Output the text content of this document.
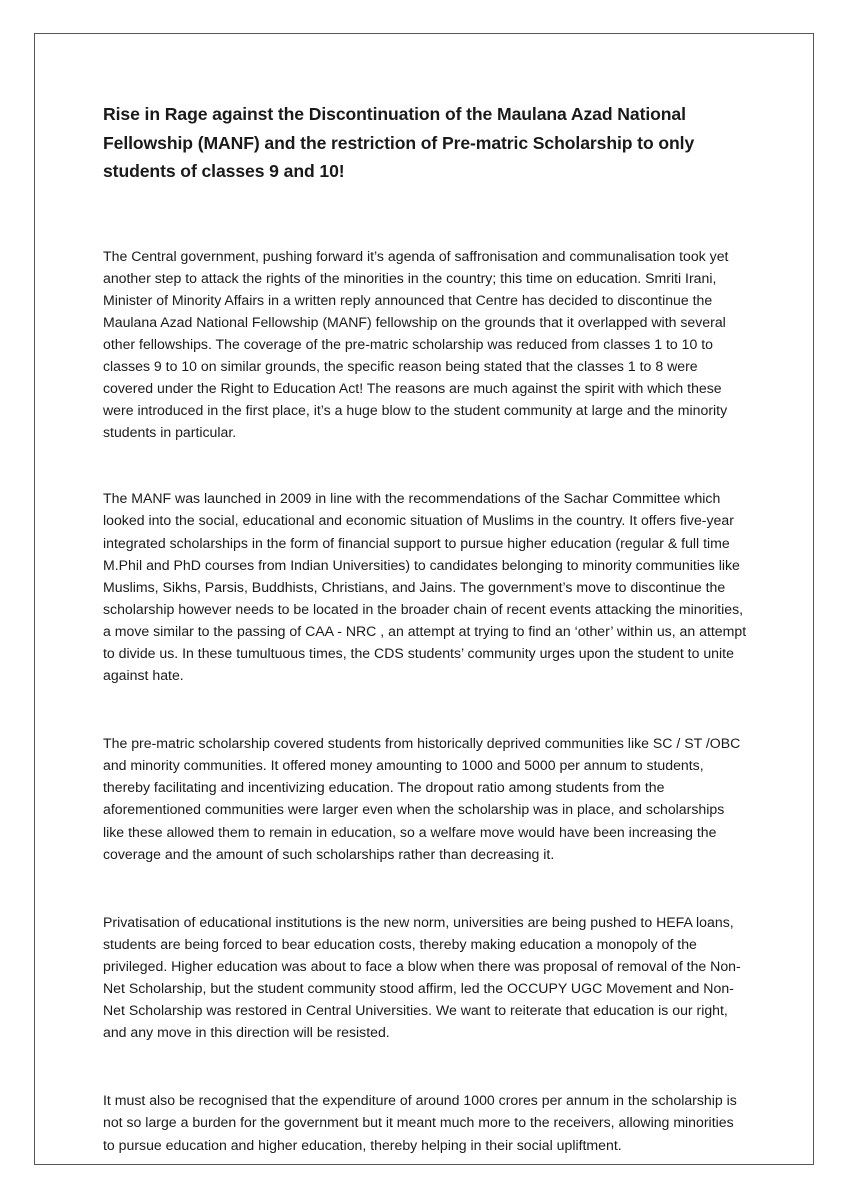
Rise in Rage against the Discontinuation of the Maulana Azad National Fellowship (MANF) and the restriction of Pre-matric Scholarship to only students of classes 9 and 10!

The Central government, pushing forward it’s agenda of saffronisation and communalisation took yet another step to attack the rights of the minorities in the country; this time on education. Smriti Irani, Minister of Minority Affairs in a written reply announced that Centre has decided to discontinue the Maulana Azad National Fellowship (MANF) fellowship on the grounds that it overlapped with several other fellowships. The coverage of the pre-matric scholarship was reduced from classes 1 to 10 to classes 9 to 10 on similar grounds, the specific reason being stated that the classes 1 to 8 were covered under the Right to Education Act! The reasons are much against the spirit with which these were introduced in the first place, it’s a huge blow to the student community at large and the minority students in particular.

The MANF was launched in 2009 in line with the recommendations of the Sachar Committee which looked into the social, educational and economic situation of Muslims in the country. It offers five-year integrated scholarships in the form of financial support to pursue higher education (regular & full time M.Phil and PhD courses from Indian Universities) to candidates belonging to minority communities like Muslims, Sikhs, Parsis, Buddhists, Christians, and Jains. The government’s move to discontinue the scholarship however needs to be located in the broader chain of recent events attacking the minorities, a move similar to the passing of CAA - NRC , an attempt at trying to find an ‘other’ within us, an attempt to divide us. In these tumultuous times, the CDS students’ community urges upon the student to unite against hate.

The pre-matric scholarship covered students from historically deprived communities like SC / ST /OBC and minority communities. It offered money amounting to 1000 and 5000 per annum to students, thereby facilitating and incentivizing education. The dropout ratio among students from the aforementioned communities were larger even when the scholarship was in place, and scholarships like these allowed them to remain in education, so a welfare move would have been increasing the coverage and the amount of such scholarships rather than decreasing it.

Privatisation of educational institutions is the new norm, universities are being pushed to HEFA loans, students are being forced to bear education costs, thereby making education a monopoly of the privileged. Higher education was about to face a blow when there was proposal of removal of the Non-Net Scholarship, but the student community stood affirm, led the OCCUPY UGC Movement and Non-Net Scholarship was restored in Central Universities. We want to reiterate that education is our right, and any move in this direction will be resisted.

It must also be recognised that the expenditure of around 1000 crores per annum in the scholarship is not so large a burden for the government but it meant much more to the receivers, allowing minorities to pursue education and higher education, thereby helping in their social upliftment.
